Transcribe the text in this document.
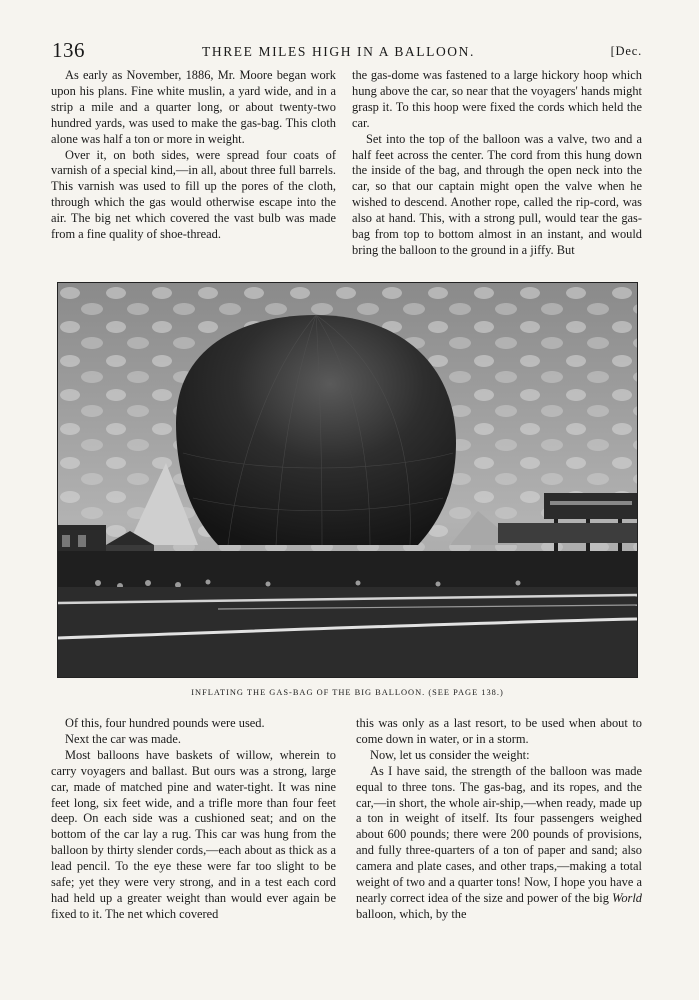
136	THREE MILES HIGH IN A BALLOON.	[Dec.

As early as November, 1886, Mr. Moore began work upon his plans. Fine white muslin, a yard wide, and in a strip a mile and a quarter long, or about twenty-two hundred yards, was used to make the gas-bag. This cloth alone was half a ton or more in weight.

Over it, on both sides, were spread four coats of varnish of a special kind,—in all, about three full barrels. This varnish was used to fill up the pores of the cloth, through which the gas would otherwise escape into the air. The big net which covered the vast bulb was made from a fine quality of shoe-thread.

the gas-dome was fastened to a large hickory hoop which hung above the car, so near that the voyagers' hands might grasp it. To this hoop were fixed the cords which held the car.

Set into the top of the balloon was a valve, two and a half feet across the center. The cord from this hung down the inside of the bag, and through the open neck into the car, so that our captain might open the valve when he wished to descend. Another rope, called the rip-cord, was also at hand. This, with a strong pull, would tear the gas-bag from top to bottom almost in an instant, and would bring the balloon to the ground in a jiffy. But

INFLATING THE GAS-BAG OF THE BIG BALLOON. (SEE PAGE 138.)

Of this, four hundred pounds were used.

Next the car was made.

Most balloons have baskets of willow, wherein to carry voyagers and ballast. But ours was a strong, large car, made of matched pine and water-tight. It was nine feet long, six feet wide, and a trifle more than four feet deep. On each side was a cushioned seat; and on the bottom of the car lay a rug. This car was hung from the balloon by thirty slender cords,—each about as thick as a lead pencil. To the eye these were far too slight to be safe; yet they were very strong, and in a test each cord had held up a greater weight than would ever again be fixed to it. The net which covered

this was only as a last resort, to be used when about to come down in water, or in a storm.

Now, let us consider the weight:

As I have said, the strength of the balloon was made equal to three tons. The gas-bag, and its ropes, and the car,—in short, the whole air-ship,—when ready, made up a ton in weight of itself. Its four passengers weighed about 600 pounds; there were 200 pounds of provisions, and fully three-quarters of a ton of paper and sand; also camera and plate cases, and other traps,—making a total weight of two and a quarter tons! Now, I hope you have a nearly correct idea of the size and power of the big World balloon, which, by the
